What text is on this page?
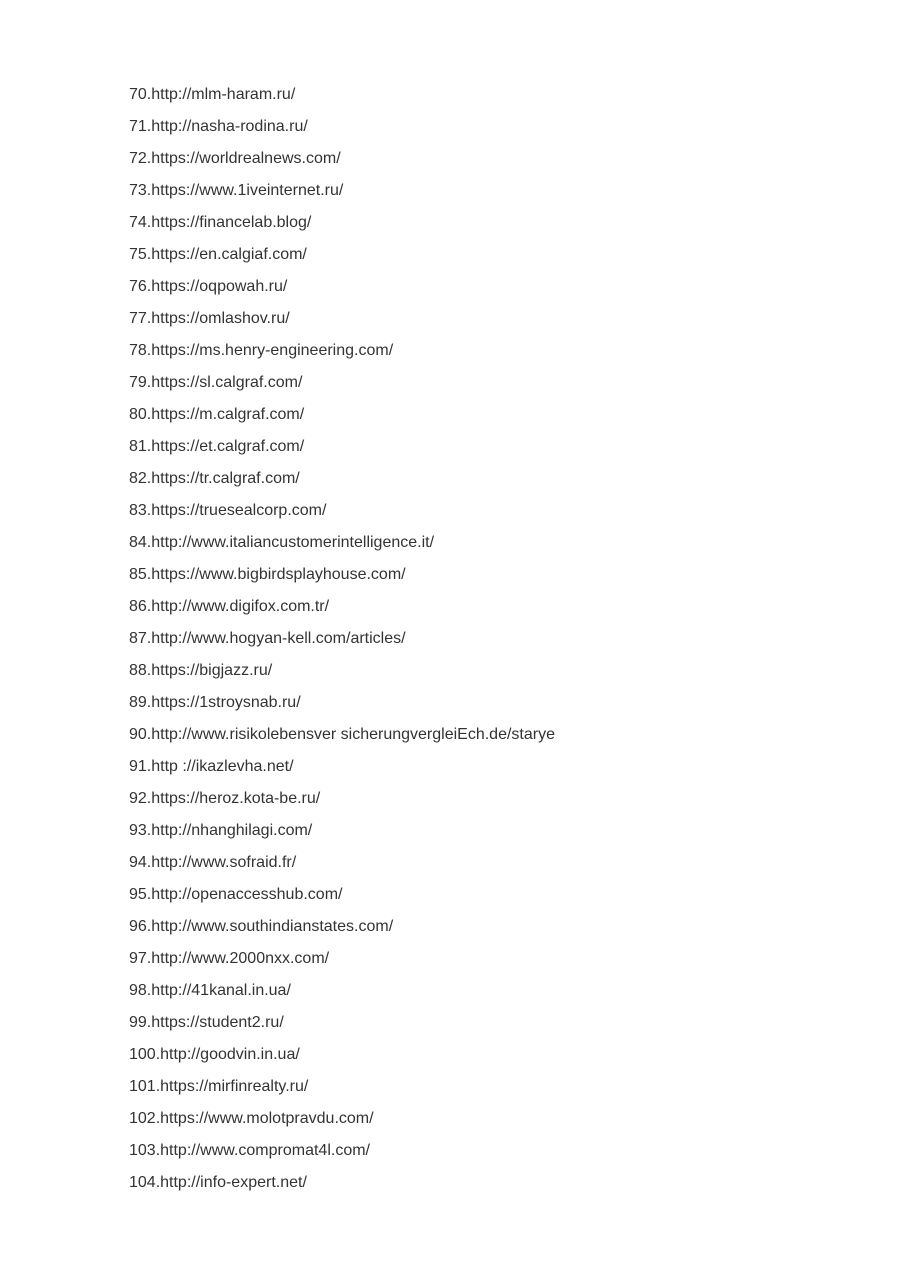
70.http://mlm-haram.ru/
71.http://nasha-rodina.ru/
72.https://worldrealnews.com/
73.https://www.1iveinternet.ru/
74.https://financelab.blog/
75.https://en.calgiaf.com/
76.https://oqpowah.ru/
77.https://omlashov.ru/
78.https://ms.henry-engineering.com/
79.https://sl.calgraf.com/
80.https://m.calgraf.com/
81.https://et.calgraf.com/
82.https://tr.calgraf.com/
83.https://truesealcorp.com/
84.http://www.italiancustomerintelligence.it/
85.https://www.bigbirdsplayhouse.com/
86.http://www.digifox.com.tr/
87.http://www.hogyan-kell.com/articles/
88.https://bigjazz.ru/
89.https://1stroysnab.ru/
90.http://www.risikolebensver sicherungvergleiEch.de/starye
91.http ://ikazlevha.net/
92.https://heroz.kota-be.ru/
93.http://nhanghilagi.com/
94.http://www.sofraid.fr/
95.http://openaccesshub.com/
96.http://www.southindianstates.com/
97.http://www.2000nxx.com/
98.http://41kanal.in.ua/
99.https://student2.ru/
100.http://goodvin.in.ua/
101.https://mirfinrealty.ru/
102.https://www.molotpravdu.com/
103.http://www.compromat4l.com/
104.http://info-expert.net/
